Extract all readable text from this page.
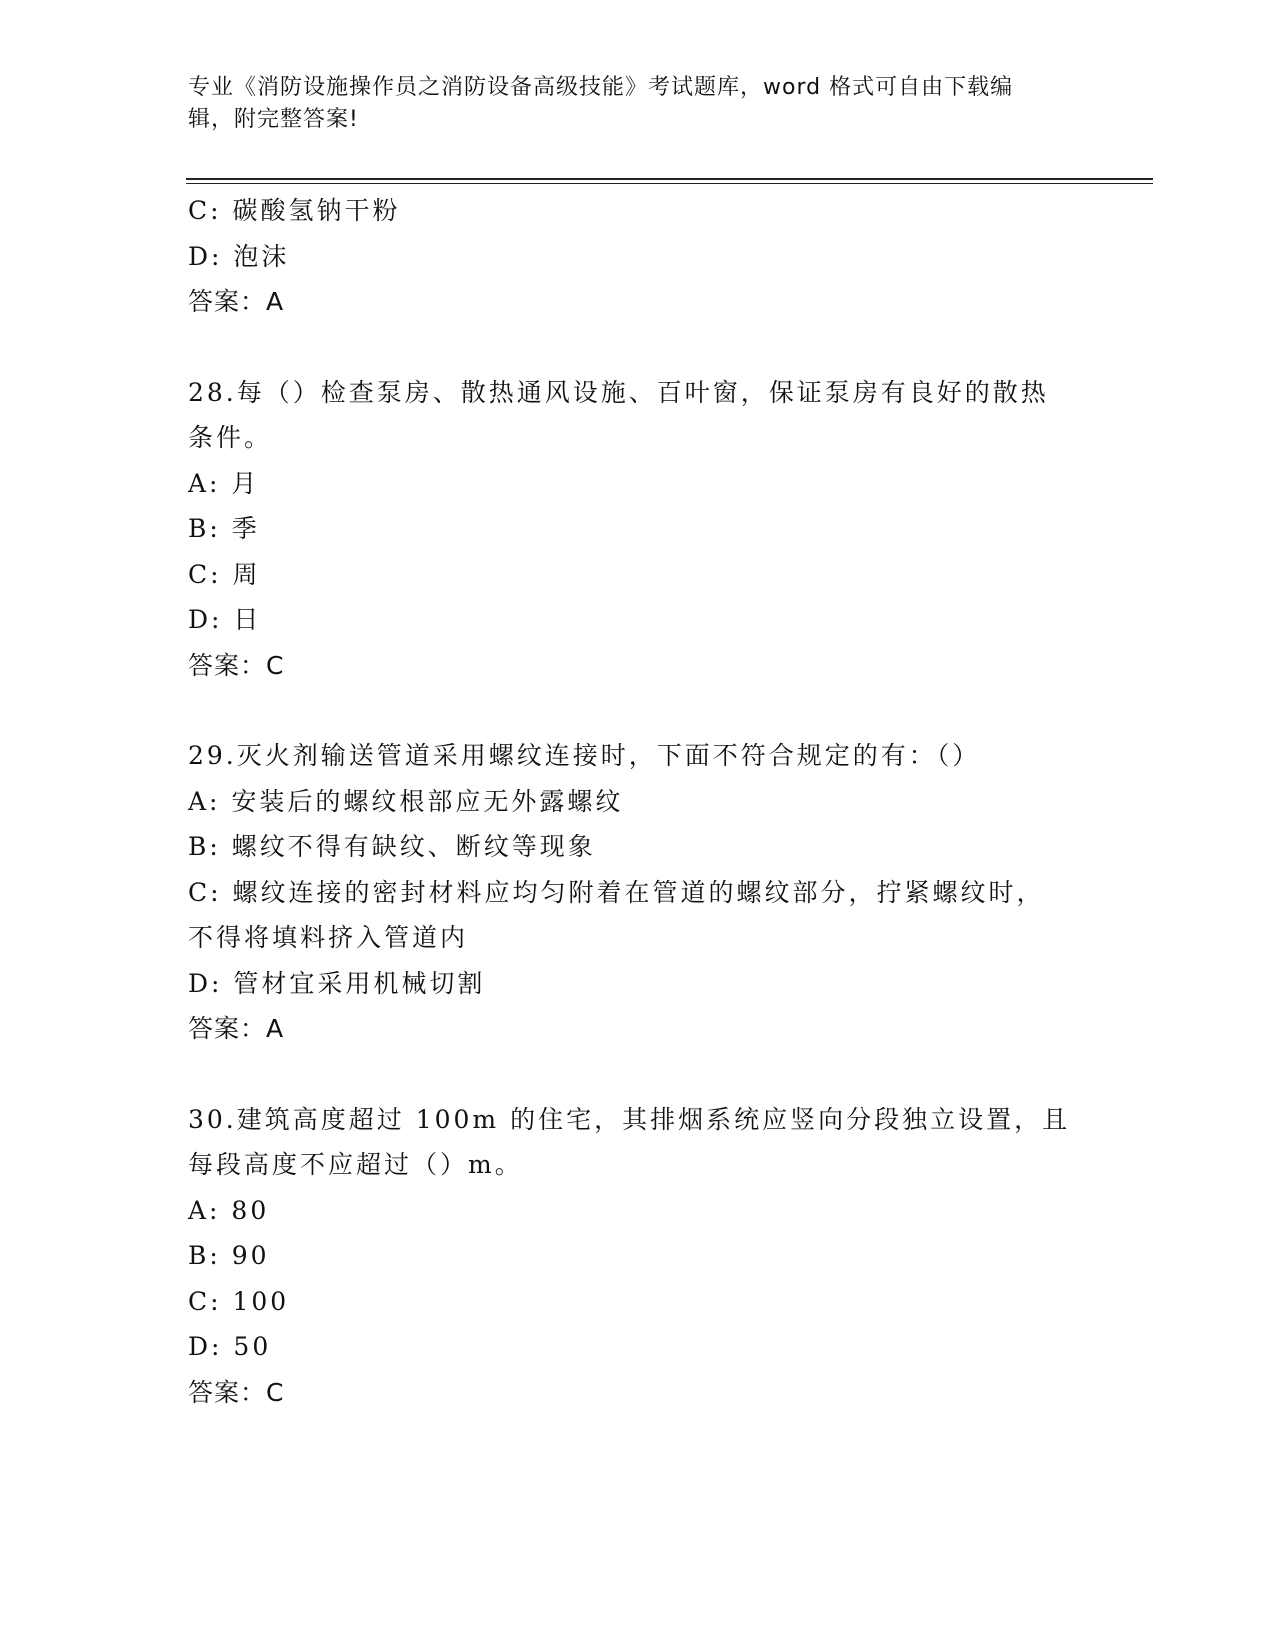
专业《消防设施操作员之消防设备高级技能》考试题库，word 格式可自由下载编
辑，附完整答案!
C: 碳酸氢钠干粉
D: 泡沫
答案：A
28.每（）检查泵房、散热通风设施、百叶窗，保证泵房有良好的散热
条件。
A: 月
B: 季
C: 周
D: 日
答案：C
29.灭火剂输送管道采用螺纹连接时，下面不符合规定的有：（）
A: 安装后的螺纹根部应无外露螺纹
B: 螺纹不得有缺纹、断纹等现象
C: 螺纹连接的密封材料应均匀附着在管道的螺纹部分，拧紧螺纹时，
不得将填料挤入管道内
D: 管材宜采用机械切割
答案：A
30.建筑高度超过 100m 的住宅，其排烟系统应竖向分段独立设置，且
每段高度不应超过（）m。
A: 80
B: 90
C: 100
D: 50
答案：C
